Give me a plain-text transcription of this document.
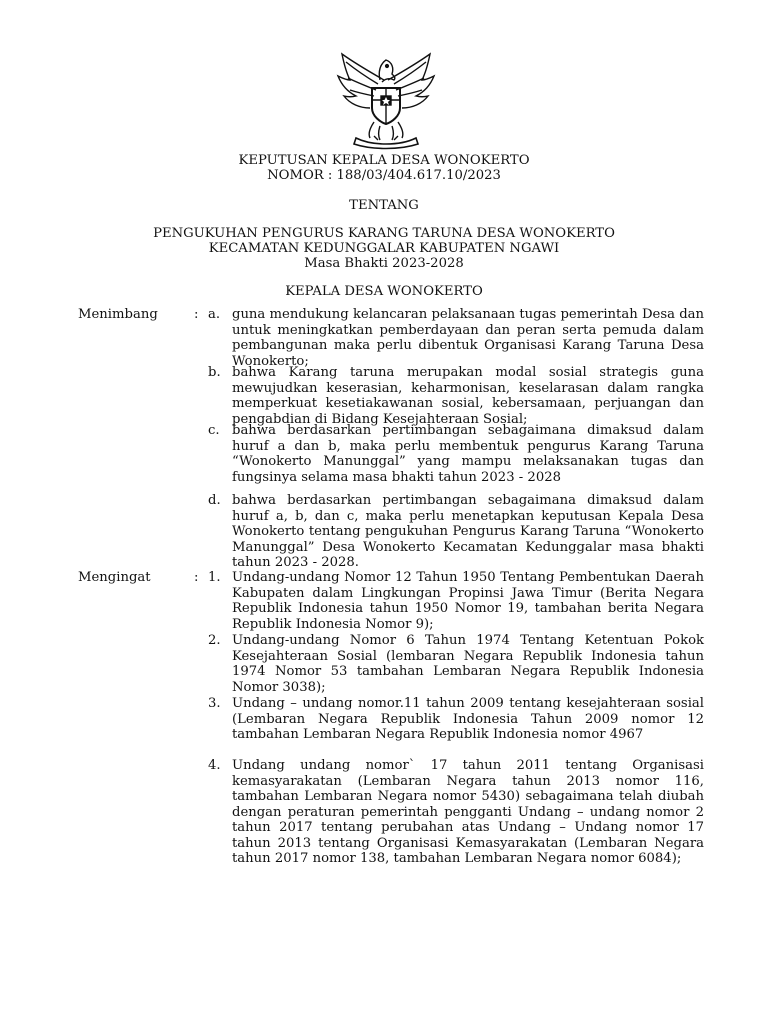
KEPUTUSAN KEPALA DESA WONOKERTO
NOMOR : 188/03/404.617.10/2023
TENTANG
PENGUKUHAN PENGURUS KARANG TARUNA DESA WONOKERTO
KECAMATAN KEDUNGGALAR KABUPATEN NGAWI
Masa Bhakti 2023-2028
KEPALA DESA WONOKERTO
Menimbang	: a. guna mendukung kelancaran pelaksanaan tugas pemerintah Desa dan untuk meningkatkan pemberdayaan dan peran serta pemuda dalam pembangunan maka perlu dibentuk Organisasi Karang Taruna Desa Wonokerto;
b. bahwa Karang taruna merupakan modal sosial strategis guna mewujudkan keserasian, keharmonisan, keselarasan dalam rangka memperkuat kesetiakawanan sosial, kebersamaan, perjuangan dan pengabdian di Bidang Kesejahteraan Sosial;
c. bahwa berdasarkan pertimbangan sebagaimana dimaksud dalam huruf a dan b, maka perlu membentuk pengurus Karang Taruna “Wonokerto Manunggal” yang mampu melaksanakan tugas dan fungsinya selama masa bhakti tahun 2023 - 2028
d. bahwa berdasarkan pertimbangan sebagaimana dimaksud dalam huruf a, b, dan c, maka perlu menetapkan keputusan Kepala Desa Wonokerto tentang pengukuhan Pengurus Karang Taruna “Wonokerto Manunggal” Desa Wonokerto Kecamatan Kedunggalar masa bhakti tahun 2023 - 2028.
Mengingat	: 1. Undang-undang Nomor 12 Tahun 1950 Tentang Pembentukan Daerah Kabupaten dalam Lingkungan Propinsi Jawa Timur (Berita Negara Republik Indonesia tahun 1950 Nomor 19, tambahan berita Negara Republik Indonesia Nomor 9);
2. Undang-undang Nomor 6 Tahun 1974 Tentang Ketentuan Pokok Kesejahteraan Sosial (lembaran Negara Republik Indonesia tahun 1974 Nomor 53 tambahan Lembaran Negara Republik Indonesia Nomor 3038);
3. Undang – undang nomor.11 tahun 2009 tentang kesejahteraan sosial (Lembaran Negara Republik Indonesia Tahun 2009 nomor 12 tambahan Lembaran Negara Republik Indonesia nomor 4967
4. Undang undang nomor` 17 tahun 2011 tentang Organisasi kemasyarakatan (Lembaran Negara tahun 2013 nomor 116, tambahan Lembaran Negara nomor 5430) sebagaimana telah diubah dengan peraturan pemerintah pengganti Undang – undang nomor 2 tahun 2017 tentang perubahan atas Undang – Undang nomor 17 tahun 2013 tentang Organisasi Kemasyarakatan (Lembaran Negara tahun 2017 nomor 138, tambahan Lembaran Negara nomor 6084);
